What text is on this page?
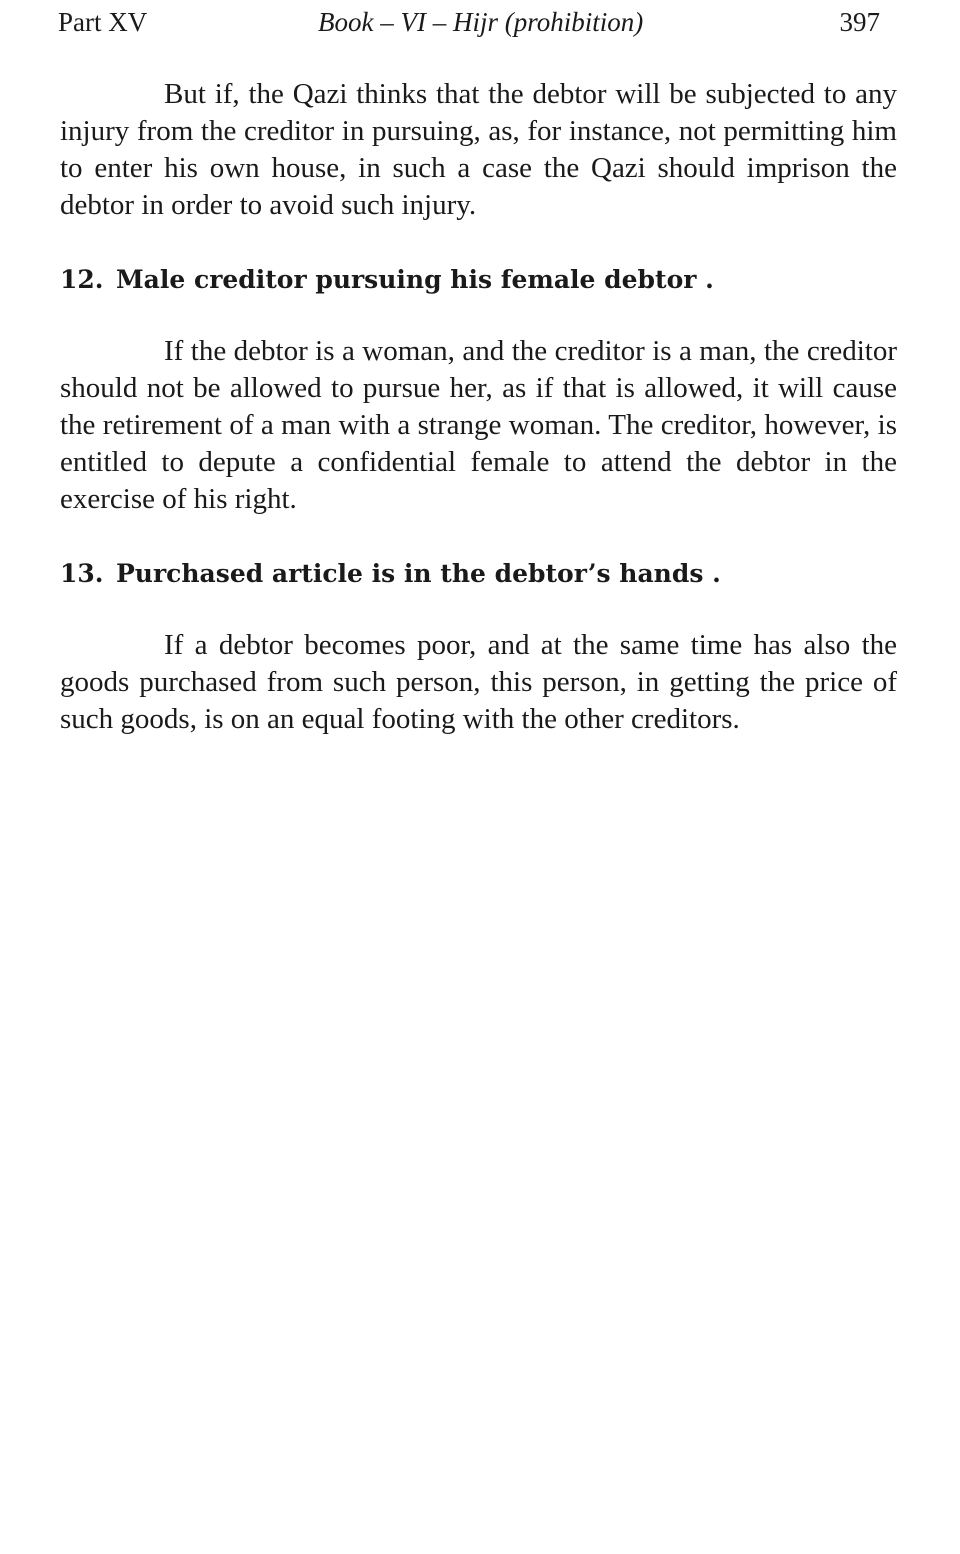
Part XV	Book – VI – Hijr (prohibition)	397

But if, the Qazi thinks that the debtor will be subjected to any injury from the creditor in pursuing, as, for instance, not permitting him to enter his own house, in such a case the Qazi should imprison the debtor in order to avoid such injury.

12. Male creditor pursuing his female debtor .

If the debtor is a woman, and the creditor is a man, the creditor should not be allowed to pursue her, as if that is allowed, it will cause the retirement of a man with a strange woman. The creditor, however, is entitled to depute a confidential female to attend the debtor in the exercise of his right.

13. Purchased article is in the debtor’s hands .

If a debtor becomes poor, and at the same time has also the goods purchased from such person, this person, in getting the price of such goods, is on an equal footing with the other creditors.
